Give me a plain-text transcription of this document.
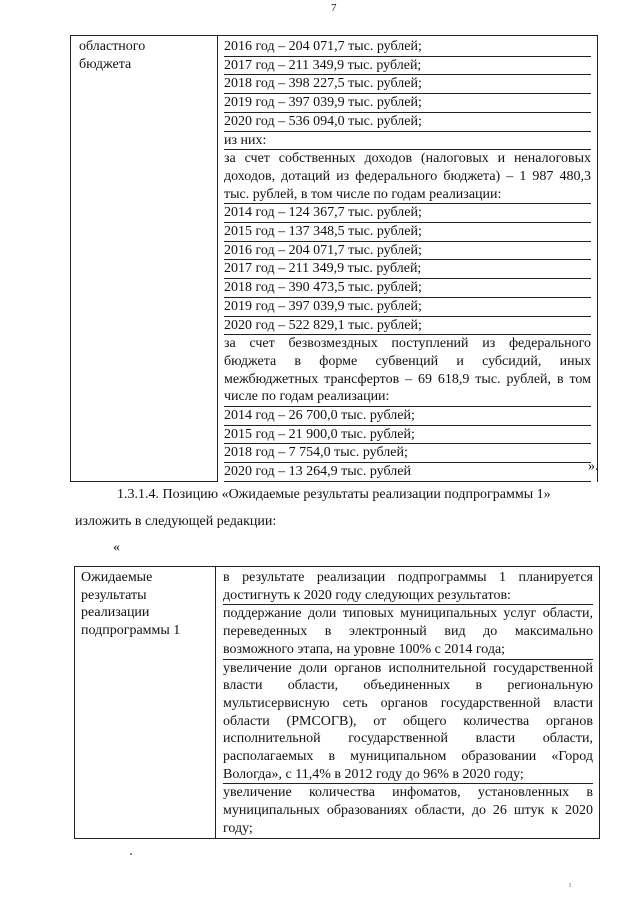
7
областного
бюджета

2016 год – 204 071,7 тыс. рублей;
2017 год – 211 349,9 тыс. рублей;
2018 год – 398 227,5 тыс. рублей;
2019 год – 397 039,9 тыс. рублей;
2020 год – 536 094,0 тыс. рублей;
из них:
за счет собственных доходов (налоговых и неналоговых доходов, дотаций из федерального бюджета) – 1 987 480,3 тыс. рублей, в том числе по годам реализации:
2014 год – 124 367,7 тыс. рублей;
2015 год – 137 348,5 тыс. рублей;
2016 год – 204 071,7 тыс. рублей;
2017 год – 211 349,9 тыс. рублей;
2018 год – 390 473,5 тыс. рублей;
2019 год – 397 039,9 тыс. рублей;
2020 год – 522 829,1 тыс. рублей;
за счет безвозмездных поступлений из федерального бюджета в форме субвенций и субсидий, иных межбюджетных трансфертов – 69 618,9 тыс. рублей, в том числе по годам реализации:
2014 год – 26 700,0 тыс. рублей;
2015 год – 21 900,0 тыс. рублей;
2018 год – 7 754,0 тыс. рублей;
2020 год – 13 264,9 тыс. рублей	».
1.3.1.4. Позицию «Ожидаемые результаты реализации подпрограммы 1»
изложить в следующей редакции:
«
Ожидаемые
результаты
реализации
подпрограммы 1

в результате реализации подпрограммы 1 планируется достигнуть к 2020 году следующих результатов:
поддержание доли типовых муниципальных услуг области, переведенных в электронный вид до максимально возможного этапа, на уровне 100% с 2014 года;
увеличение доли органов исполнительной государственной власти области, объединенных в региональную мультисервисную сеть органов государственной власти области (РМСОГВ), от общего количества органов исполнительной государственной власти области, располагаемых в муниципальном образовании «Город Вологда», с 11,4% в 2012 году до 96% в 2020 году;
увеличение количества инфоматов, установленных в муниципальных образованиях области, до 26 штук к 2020 году;
ı
